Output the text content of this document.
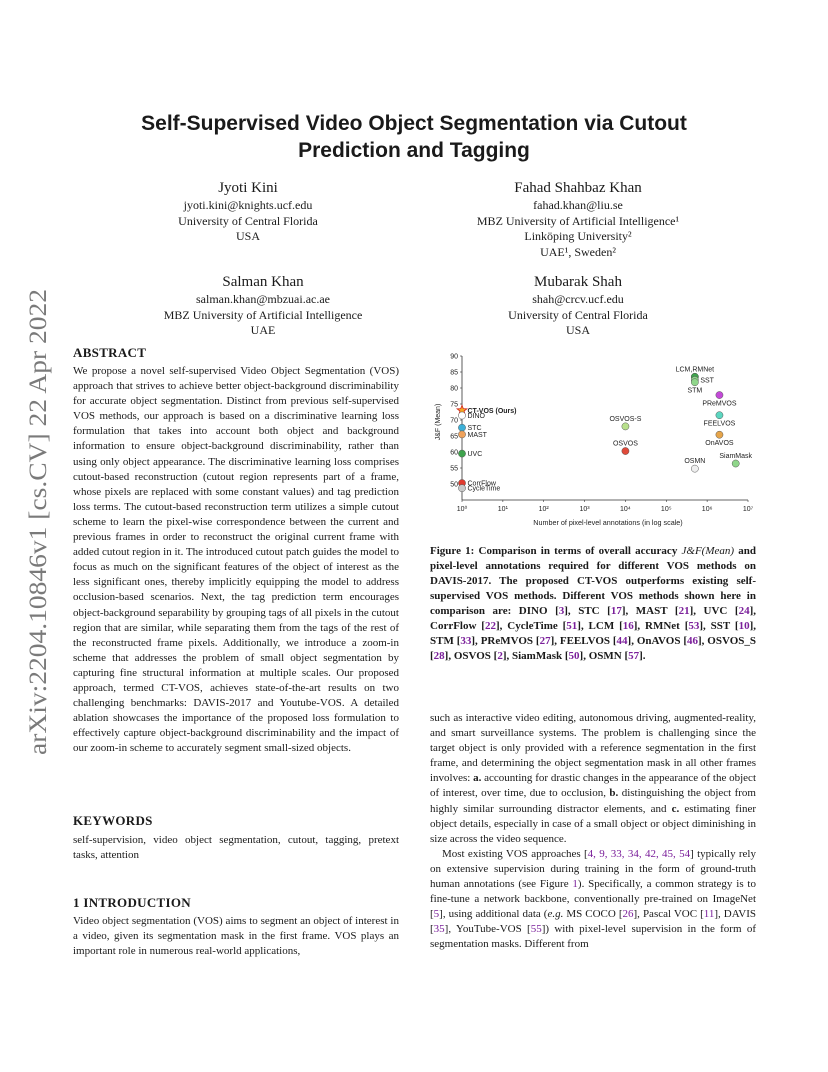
arXiv:2204.10846v1 [cs.CV] 22 Apr 2022
Self-Supervised Video Object Segmentation via Cutout
Prediction and Tagging
Jyoti Kini
jyoti.kini@knights.ucf.edu
University of Central Florida
USA
Fahad Shahbaz Khan
fahad.khan@liu.se
MBZ University of Artificial Intelligence¹
Linköping University²
UAE¹, Sweden²
Salman Khan
salman.khan@mbzuai.ac.ae
MBZ University of Artificial Intelligence
UAE
Mubarak Shah
shah@crcv.ucf.edu
University of Central Florida
USA
ABSTRACT

We propose a novel self-supervised Video Object Segmentation (VOS) approach that strives to achieve better object-background discriminability for accurate object segmentation. Distinct from previous self-supervised VOS methods, our approach is based on a discriminative learning loss formulation that takes into account both object and background information to ensure object-background discriminability, rather than using only object appearance. The discriminative learning loss comprises cutout-based reconstruction (cutout region represents part of a frame, whose pixels are replaced with some constant values) and tag prediction loss terms. The cutout-based reconstruction term utilizes a simple cutout scheme to learn the pixel-wise correspondence between the current and previous frames in order to reconstruct the original current frame with added cutout region in it. The introduced cutout patch guides the model to focus as much on the significant features of the object of interest as the less significant ones, thereby implicitly equipping the model to address occlusion-based scenarios. Next, the tag prediction term encourages object-background separability by grouping tags of all pixels in the cutout region that are similar, while separating them from the tags of the rest of the reconstructed frame pixels. Additionally, we introduce a zoom-in scheme that addresses the problem of small object segmentation by capturing fine structural information at multiple scales. Our proposed approach, termed CT-VOS, achieves state-of-the-art results on two challenging benchmarks: DAVIS-2017 and Youtube-VOS. A detailed ablation showcases the importance of the proposed loss formulation to effectively capture object-background discriminability and the impact of our zoom-in scheme to accurately segment small-sized objects.

KEYWORDS

self-supervision, video object segmentation, cutout, tagging, pretext tasks, attention

1 INTRODUCTION

Video object segmentation (VOS) aims to segment an object of interest in a video, given its segmentation mask in the first frame. VOS plays an important role in numerous real-world applications,

50
55
60
65
70
75
80
85
90
10⁰	10¹	10²	10³	10⁴	10⁵	10⁶	10⁷
CT-VOS (Ours)
DINO
STC
MAST
UVC
CorrFlow
CycleTime
LCM,RMNet
SST
STM
PReMVOS
FEELVOS
OnAVOS
OSVOS-S
OSVOS
OSMN
SiamMask
J&F (Mean)
Number of pixel-level annotations (in log scale)
Figure 1: Comparison in terms of overall accuracy J&F(Mean) and pixel-level annotations required for different VOS methods on DAVIS-2017. The proposed CT-VOS outperforms existing self-supervised VOS methods. Different VOS methods shown here in comparison are: DINO [3], STC [17], MAST [21], UVC [24], CorrFlow [22], CycleTime [51], LCM [16], RMNet [53], SST [10], STM [33], PReMVOS [27], FEELVOS [44], OnAVOS [46], OSVOS_S [28], OSVOS [2], SiamMask [50], OSMN [57].

such as interactive video editing, autonomous driving, augmented-reality, and smart surveillance systems. The problem is challenging since the target object is only provided with a reference segmentation in the first frame, and determining the object segmentation mask in all other frames involves: a. accounting for drastic changes in the appearance of the object of interest, over time, due to occlusion, b. distinguishing the object from highly similar surrounding distractor elements, and c. estimating finer object details, especially in case of a small object or object diminishing in size across the video sequence.

Most existing VOS approaches [4, 9, 33, 34, 42, 45, 54] typically rely on extensive supervision during training in the form of ground-truth human annotations (see Figure 1). Specifically, a common strategy is to fine-tune a network backbone, conventionally pre-trained on ImageNet [5], using additional data (e.g. MS COCO [26], Pascal VOC [11], DAVIS [35], YouTube-VOS [55]) with pixel-level supervision in the form of segmentation masks. Different from
